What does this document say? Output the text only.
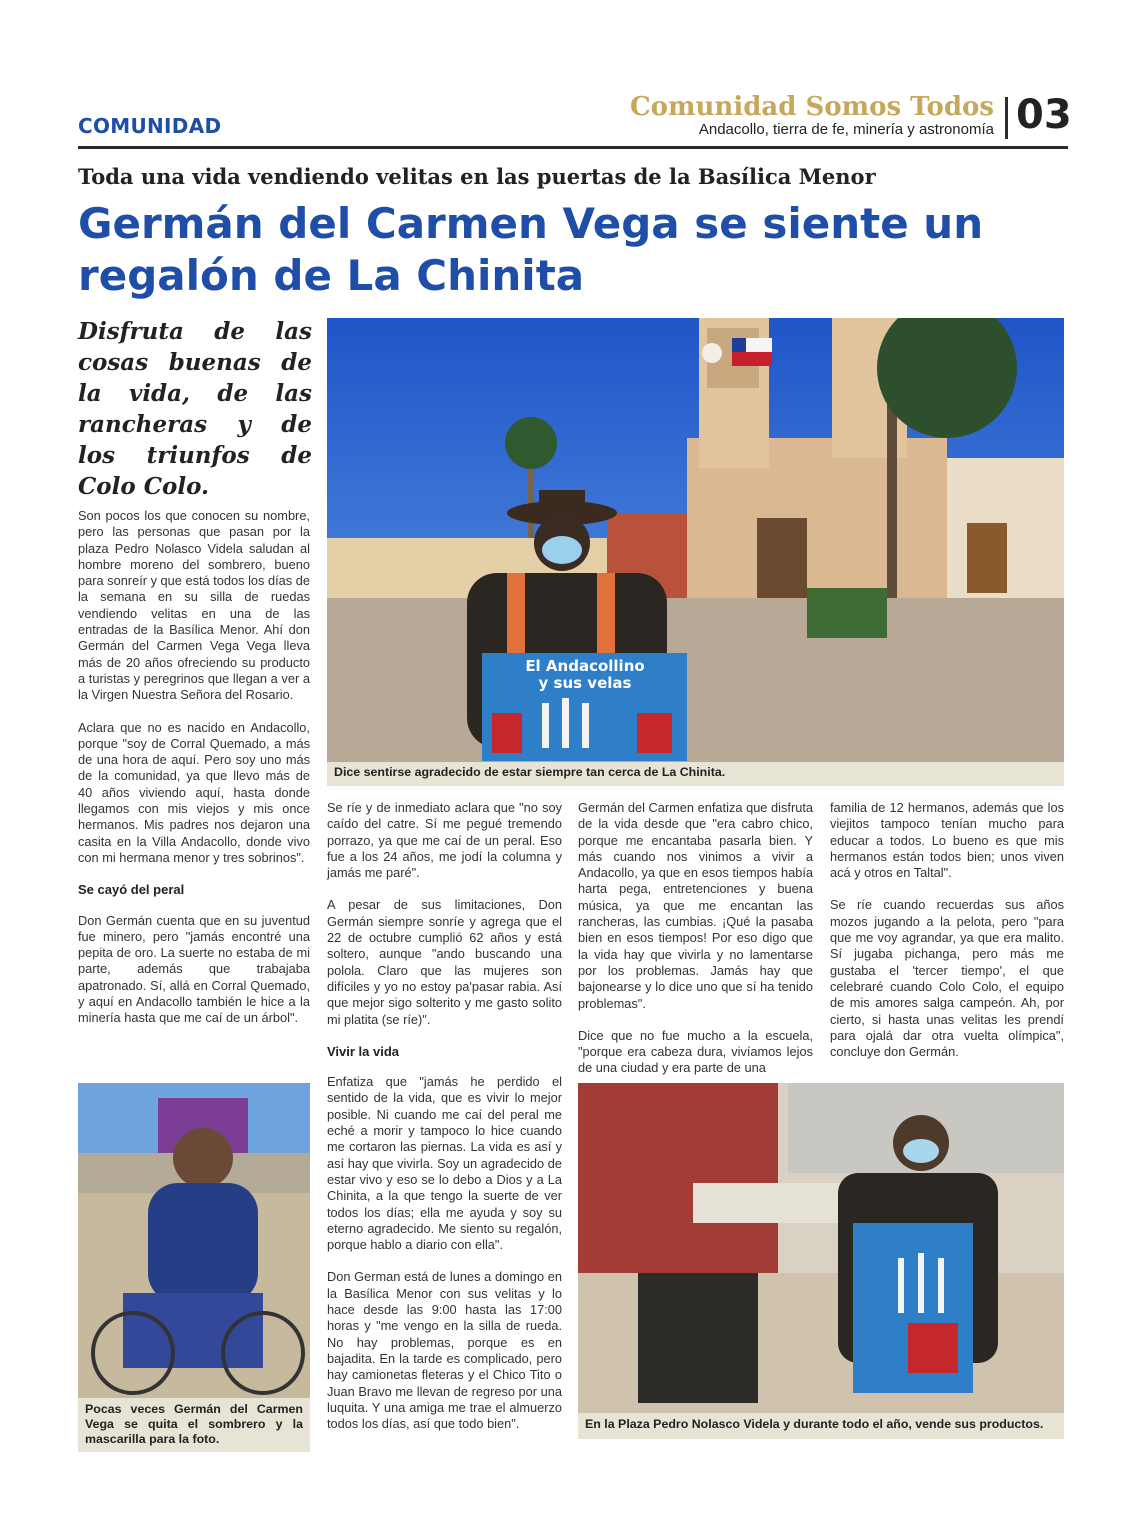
COMUNIDAD
Comunidad Somos Todos
Andacollo, tierra de fe, minería y astronomía 03
Toda una vida vendiendo velitas en las puertas de la Basílica Menor
Germán del Carmen Vega se siente un regalón de La Chinita
Disfruta de las cosas buenas de la vida, de las rancheras y de los triunfos de Colo Colo.
El Andacollino
y sus velas
Dice sentirse agradecido de estar siempre tan cerca de La Chinita.

Son pocos los que conocen su nombre, pero las personas que pasan por la plaza Pedro Nolasco Videla saludan al hombre moreno del sombrero, bueno para sonreír y que está todos los días de la semana en su silla de ruedas vendiendo velitas en una de las entradas de la Basílica Menor. Ahí don Germán del Carmen Vega Vega lleva más de 20 años ofreciendo su producto a turistas y peregrinos que llegan a ver a la Virgen Nuestra Señora del Rosario.

Aclara que no es nacido en Andacollo, porque "soy de Corral Quemado, a más de una hora de aquí. Pero soy uno más de la comunidad, ya que llevo más de 40 años viviendo aquí, hasta donde llegamos con mis viejos y mis once hermanos. Mis padres nos dejaron una casita en la Villa Andacollo, donde vivo con mi hermana menor y tres sobrinos".

Se cayó del peral

Don Germán cuenta que en su juventud fue minero, pero "jamás encontré una pepita de oro. La suerte no estaba de mi parte, además que trabajaba apatronado. Sí, allá en Corral Quemado, y aquí en Andacollo también le hice a la minería hasta que me caí de un árbol".

Se ríe y de inmediato aclara que "no soy caído del catre. Sí me pegué tremendo porrazo, ya que me caí de un peral. Eso fue a los 24 años, me jodí la columna y jamás me paré".

A pesar de sus limitaciones, Don Germán siempre sonríe y agrega que el 22 de octubre cumplió 62 años y está soltero, aunque "ando buscando una polola. Claro que las mujeres son difíciles y yo no estoy pa'pasar rabia. Así que mejor sigo solterito y me gasto solito mi platita (se ríe)".

Vivir la vida

Enfatiza que "jamás he perdido el sentido de la vida, que es vivir lo mejor posible. Ni cuando me caí del peral me eché a morir y tampoco lo hice cuando me cortaron las piernas. La vida es así y así hay que vivirla. Soy un agradecido de estar vivo y eso se lo debo a Dios y a La Chinita, a la que tengo la suerte de ver todos los días; ella me ayuda y soy su eterno agradecido. Me siento su regalón, porque hablo a diario con ella".

Don German está de lunes a domingo en la Basílica Menor con sus velitas y lo hace desde las 9:00 hasta las 17:00 horas y "me vengo en la silla de rueda. No hay problemas, porque es en bajadita. En la tarde es complicado, pero hay camionetas fleteras y el Chico Tito o Juan Bravo me llevan de regreso por una luquita. Y una amiga me trae el almuerzo todos los días, así que todo bien".

Germán del Carmen enfatiza que disfruta de la vida desde que "era cabro chico, porque me encantaba pasarla bien. Y más cuando nos vinimos a vivir a Andacollo, ya que en esos tiempos había harta pega, entretenciones y buena música, ya que me encantan las rancheras, las cumbias. ¡Qué la pasaba bien en esos tiempos! Por eso digo que la vida hay que vivirla y no lamentarse por los problemas. Jamás hay que bajonearse y lo dice uno que sí ha tenido problemas".

Dice que no fue mucho a la escuela, "porque era cabeza dura, vivíamos lejos de una ciudad y era parte de una

familia de 12 hermanos, además que los viejitos tampoco tenían mucho para educar a todos. Lo bueno es que mis hermanos están todos bien; unos viven acá y otros en Taltal".

Se ríe cuando recuerdas sus años mozos jugando a la pelota, pero "para que me voy agrandar, ya que era malito. Sí jugaba pichanga, pero más me gustaba el 'tercer tiempo', el que celebraré cuando Colo Colo, el equipo de mis amores salga campeón. Ah, por cierto, si hasta unas velitas les prendí para ojalá dar otra vuelta olímpica", concluye don Germán.

Pocas veces Germán del Carmen Vega se quita el sombrero y la mascarilla para la foto.
En la Plaza Pedro Nolasco Videla y durante todo el año, vende sus productos.
